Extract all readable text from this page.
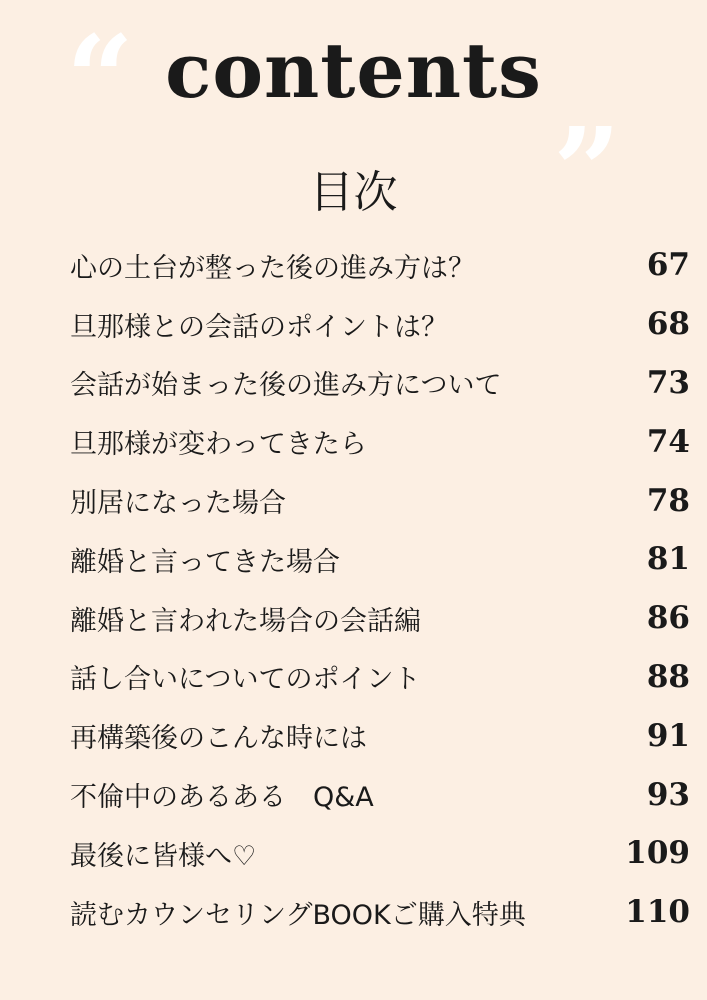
“
”
contents
目次
心の土台が整った後の進み方は？	67
旦那様との会話のポイントは？	68
会話が始まった後の進み方について	73
旦那様が変わってきたら	74
別居になった場合	78
離婚と言ってきた場合	81
離婚と言われた場合の会話編	86
話し合いについてのポイント	88
再構築後のこんな時には	91
不倫中のあるある　Q&A	93
最後に皆様へ♡	109
読むカウンセリングBOOKご購入特典	110
